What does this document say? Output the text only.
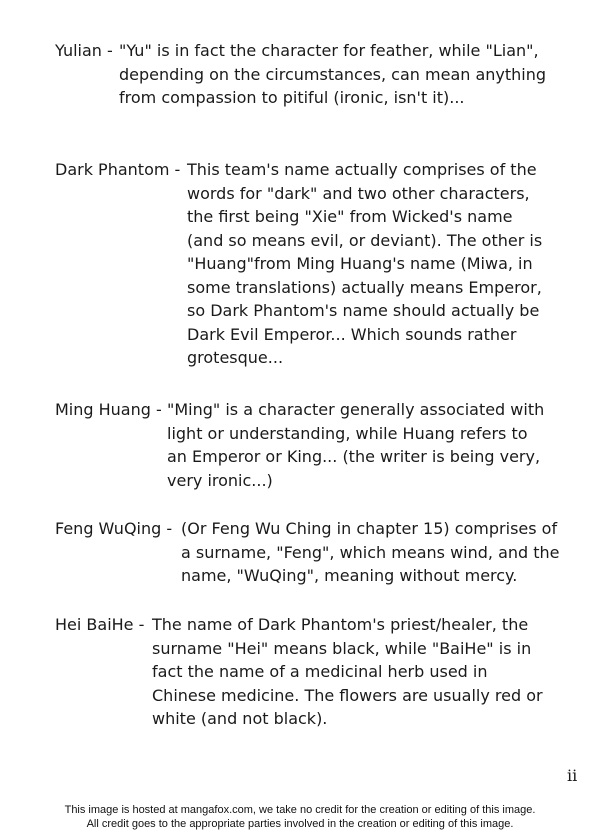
Yulian - "Yu" is in fact the character for feather, while "Lian",
depending on the circumstances, can mean anything
from compassion to pitiful (ironic, isn't it)...
Dark Phantom - This team's name actually comprises of the
words for "dark" and two other characters,
the first being "Xie" from Wicked's name
(and so means evil, or deviant). The other is
"Huang"from Ming Huang's name (Miwa, in
some translations) actually means Emperor,
so Dark Phantom's name should actually be
Dark Evil Emperor... Which sounds rather
grotesque...
Ming Huang - "Ming" is a character generally associated with
light or understanding, while Huang refers to
an Emperor or King... (the writer is being very,
very ironic...)
Feng WuQing - (Or Feng Wu Ching in chapter 15) comprises of
a surname, "Feng", which means wind, and the
name, "WuQing", meaning without mercy.
Hei BaiHe - The name of Dark Phantom's priest/healer, the
surname "Hei" means black, while "BaiHe" is in
fact the name of a medicinal herb used in
Chinese medicine. The flowers are usually red or
white (and not black).
ii
This image is hosted at mangafox.com, we take no credit for the creation or editing of this image.
All credit goes to the appropriate parties involved in the creation or editing of this image.
